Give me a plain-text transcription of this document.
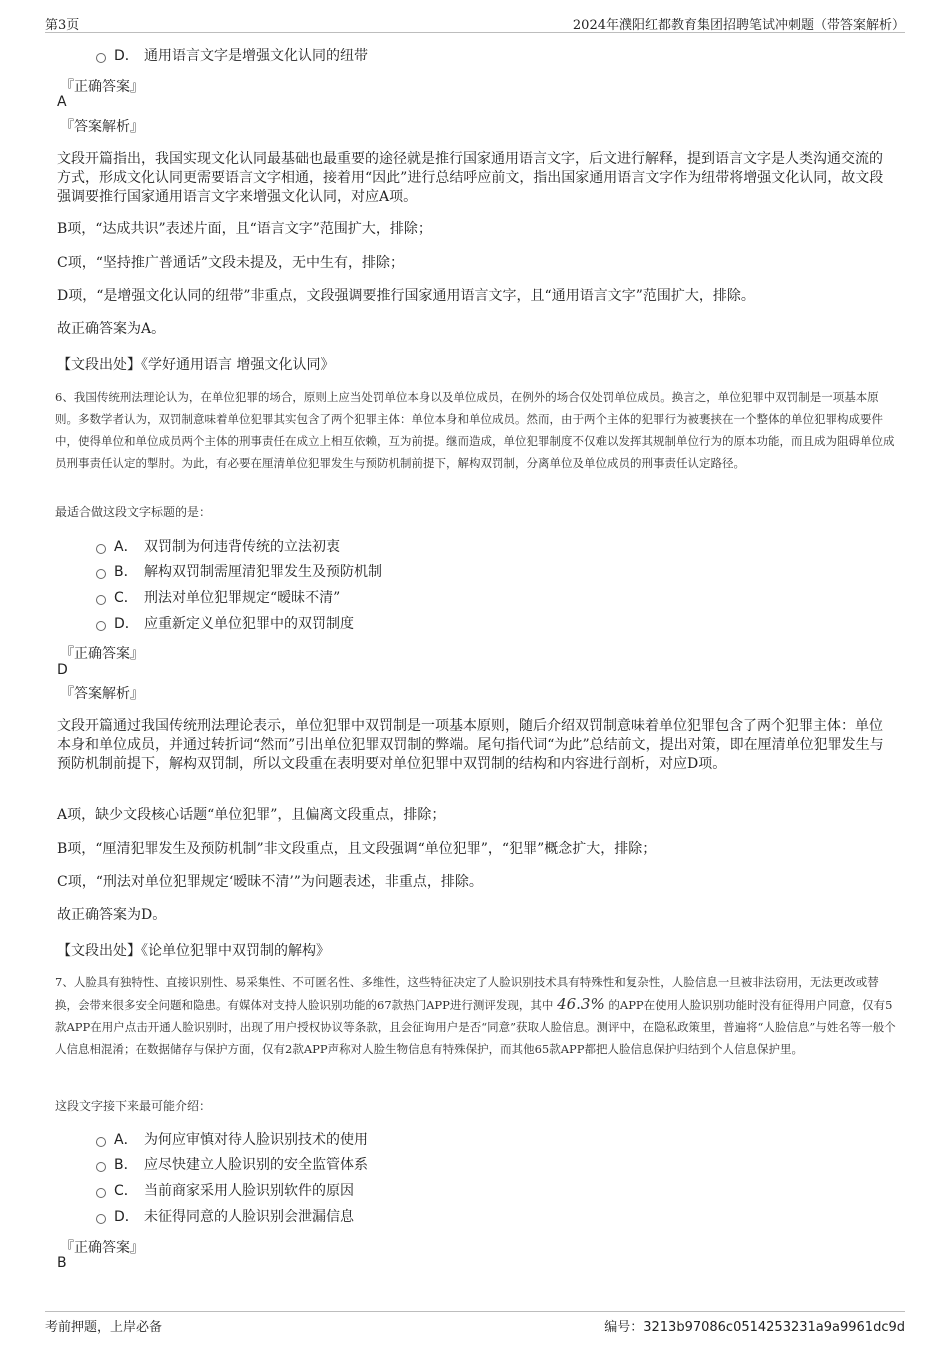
第3页	2024年濮阳红都教育集团招聘笔试冲刺题（带答案解析）
D． 通用语言文字是增强文化认同的纽带
『正确答案』
A
『答案解析』
文段开篇指出，我国实现文化认同最基础也最重要的途径就是推行国家通用语言文字，后文进行解释，提到语言文字是人类沟通交流的方式，形成文化认同更需要语言文字相通，接着用“因此”进行总结呼应前文，指出国家通用语言文字作为纽带将增强文化认同，故文段强调要推行国家通用语言文字来增强文化认同，对应A项。
B项，“达成共识”表述片面，且“语言文字”范围扩大，排除；
C项，“坚持推广普通话”文段未提及，无中生有，排除；
D项，“是增强文化认同的纽带”非重点，文段强调要推行国家通用语言文字，且“通用语言文字”范围扩大，排除。
故正确答案为A。
【文段出处】《学好通用语言 增强文化认同》
6、我国传统刑法理论认为，在单位犯罪的场合，原则上应当处罚单位本身以及单位成员，在例外的场合仅处罚单位成员。换言之，单位犯罪中双罚制是一项基本原则。多数学者认为，双罚制意味着单位犯罪其实包含了两个犯罪主体：单位本身和单位成员。然而，由于两个主体的犯罪行为被裹挟在一个整体的单位犯罪构成要件中，使得单位和单位成员两个主体的刑事责任在成立上相互依赖，互为前提。继而造成，单位犯罪制度不仅难以发挥其规制单位行为的原本功能，而且成为阻碍单位成员刑事责任认定的掣肘。为此，有必要在厘清单位犯罪发生与预防机制前提下，解构双罚制，分离单位及单位成员的刑事责任认定路径。
最适合做这段文字标题的是：
A． 双罚制为何违背传统的立法初衷
B． 解构双罚制需厘清犯罪发生及预防机制
C． 刑法对单位犯罪规定“暧昧不清”
D． 应重新定义单位犯罪中的双罚制度
『正确答案』
D
『答案解析』
文段开篇通过我国传统刑法理论表示，单位犯罪中双罚制是一项基本原则，随后介绍双罚制意味着单位犯罪包含了两个犯罪主体：单位本身和单位成员，并通过转折词“然而”引出单位犯罪双罚制的弊端。尾句指代词“为此”总结前文，提出对策，即在厘清单位犯罪发生与预防机制前提下，解构双罚制，所以文段重在表明要对单位犯罪中双罚制的结构和内容进行剖析，对应D项。
A项，缺少文段核心话题“单位犯罪”，且偏离文段重点，排除；
B项，“厘清犯罪发生及预防机制”非文段重点，且文段强调“单位犯罪”，“犯罪”概念扩大，排除；
C项，“刑法对单位犯罪规定‘暧昧不清’”为问题表述，非重点，排除。
故正确答案为D。
【文段出处】《论单位犯罪中双罚制的解构》
7、人脸具有独特性、直接识别性、易采集性、不可匿名性、多维性，这些特征决定了人脸识别技术具有特殊性和复杂性，人脸信息一旦被非法窃用，无法更改或替换，会带来很多安全问题和隐患。有媒体对支持人脸识别功能的67款热门APP进行测评发现，其中 46.3% 的APP在使用人脸识别功能时没有征得用户同意，仅有5款APP在用户点击开通人脸识别时，出现了用户授权协议等条款，且会征询用户是否“同意”获取人脸信息。测评中，在隐私政策里，普遍将“人脸信息”与姓名等一般个人信息相混淆；在数据储存与保护方面，仅有2款APP声称对人脸生物信息有特殊保护，而其他65款APP都把人脸信息保护归结到个人信息保护里。
这段文字接下来最可能介绍：
A． 为何应审慎对待人脸识别技术的使用
B． 应尽快建立人脸识别的安全监管体系
C． 当前商家采用人脸识别软件的原因
D． 未征得同意的人脸识别会泄漏信息
『正确答案』
B
考前押题，上岸必备	编号：3213b97086c0514253231a9a9961dc9d
